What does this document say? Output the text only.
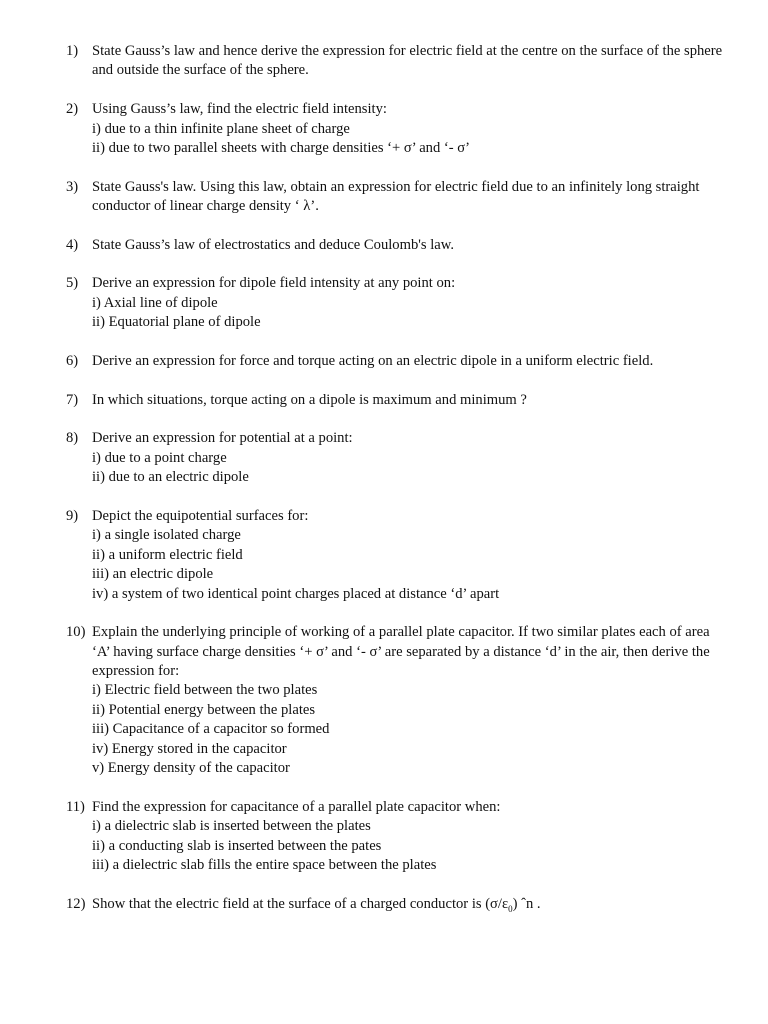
1) State Gauss’s law and hence derive the expression for electric field at the centre on the surface of the sphere and outside the surface of the sphere.
2) Using Gauss’s law, find the electric field intensity:
i) due to a thin infinite plane sheet of charge
ii) due to two parallel sheets with charge densities ‘+ σ’ and ‘- σ’
3) State Gauss's law. Using this law, obtain an expression for electric field due to an infinitely long straight conductor of linear charge density ‘ λ’.
4) State Gauss’s law of electrostatics and deduce Coulomb's law.
5) Derive an expression for dipole field intensity at any point on:
i) Axial line of dipole
ii) Equatorial plane of dipole
6) Derive an expression for force and torque acting on an electric dipole in a uniform electric field.
7) In which situations, torque acting on a dipole is maximum and minimum ?
8) Derive an expression for potential at a point:
i) due to a point charge
ii) due to an electric dipole
9) Depict the equipotential surfaces for:
i) a single isolated charge
ii) a uniform electric field
iii) an electric dipole
iv) a system of two identical point charges placed at distance ‘d’ apart
10) Explain the underlying principle of working of a parallel plate capacitor. If two similar plates each of area ‘A’ having surface charge densities ‘+ σ’ and ‘- σ’ are separated by a distance ‘d’ in the air, then derive the expression for:
i) Electric field between the two plates
ii) Potential energy between the plates
iii) Capacitance of a capacitor so formed
iv) Energy stored in the capacitor
v) Energy density of the capacitor
11) Find the expression for capacitance of a parallel plate capacitor when:
i) a dielectric slab is inserted between the plates
ii) a conducting slab is inserted between the pates
iii) a dielectric slab fills the entire space between the plates
12) Show that the electric field at the surface of a charged conductor is $(\sigma/\varepsilon_0)$ ˆn .
